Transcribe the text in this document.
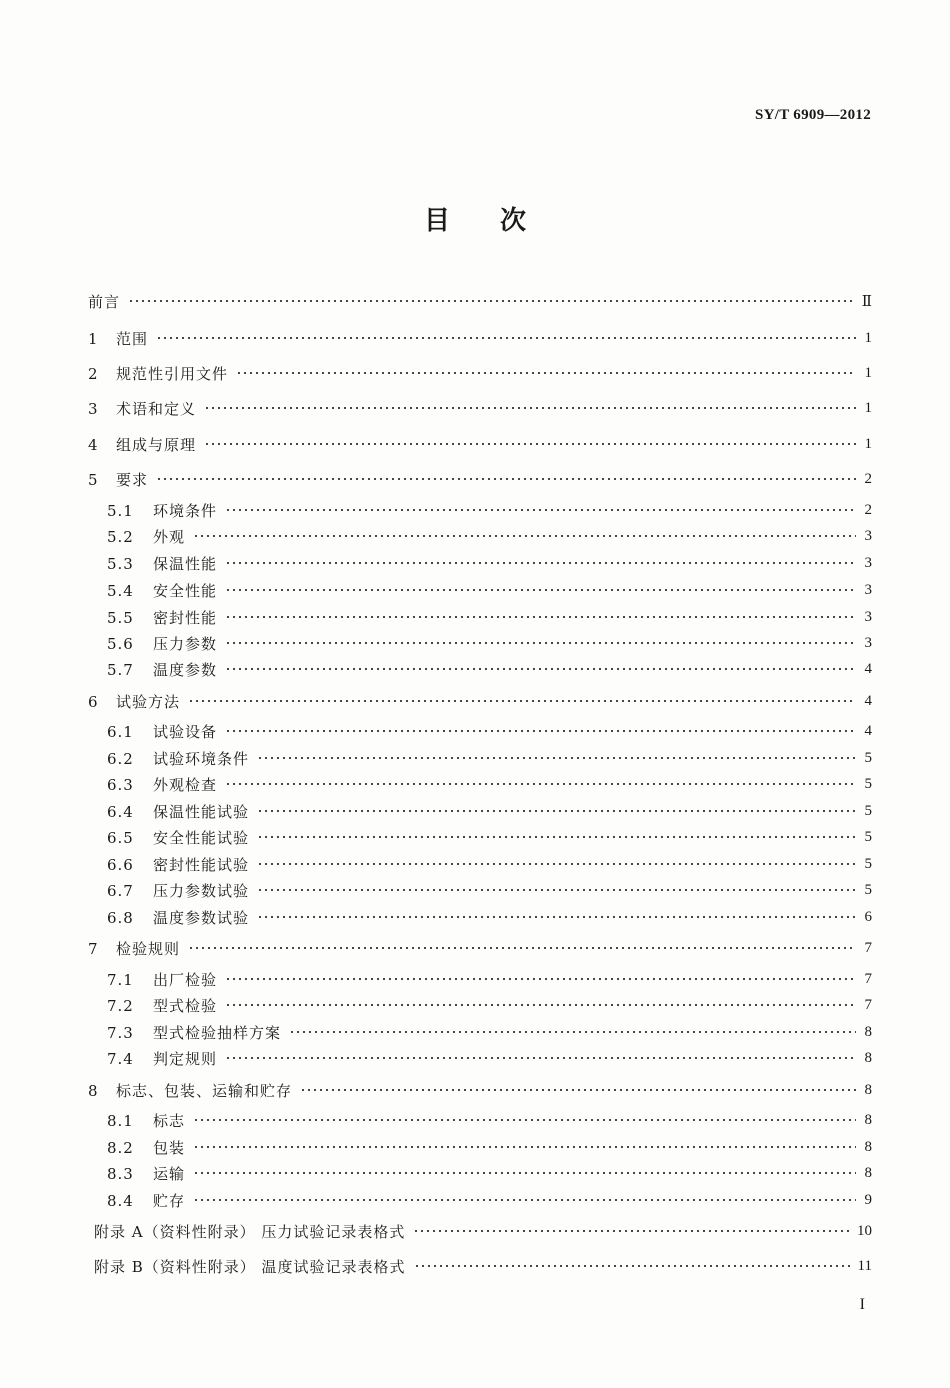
SY/T 6909—2012
目次
前言	Ⅱ
1 范围	1
2 规范性引用文件	1
3 术语和定义	1
4 组成与原理	1
5 要求	2
5.1 环境条件	2
5.2 外观	3
5.3 保温性能	3
5.4 安全性能	3
5.5 密封性能	3
5.6 压力参数	3
5.7 温度参数	4
6 试验方法	4
6.1 试验设备	4
6.2 试验环境条件	5
6.3 外观检查	5
6.4 保温性能试验	5
6.5 安全性能试验	5
6.6 密封性能试验	5
6.7 压力参数试验	5
6.8 温度参数试验	6
7 检验规则	7
7.1 出厂检验	7
7.2 型式检验	7
7.3 型式检验抽样方案	8
7.4 判定规则	8
8 标志、包装、运输和贮存	8
8.1 标志	8
8.2 包装	8
8.3 运输	8
8.4 贮存	9
附录 A（资料性附录） 压力试验记录表格式	10
附录 B（资料性附录） 温度试验记录表格式	11
I
